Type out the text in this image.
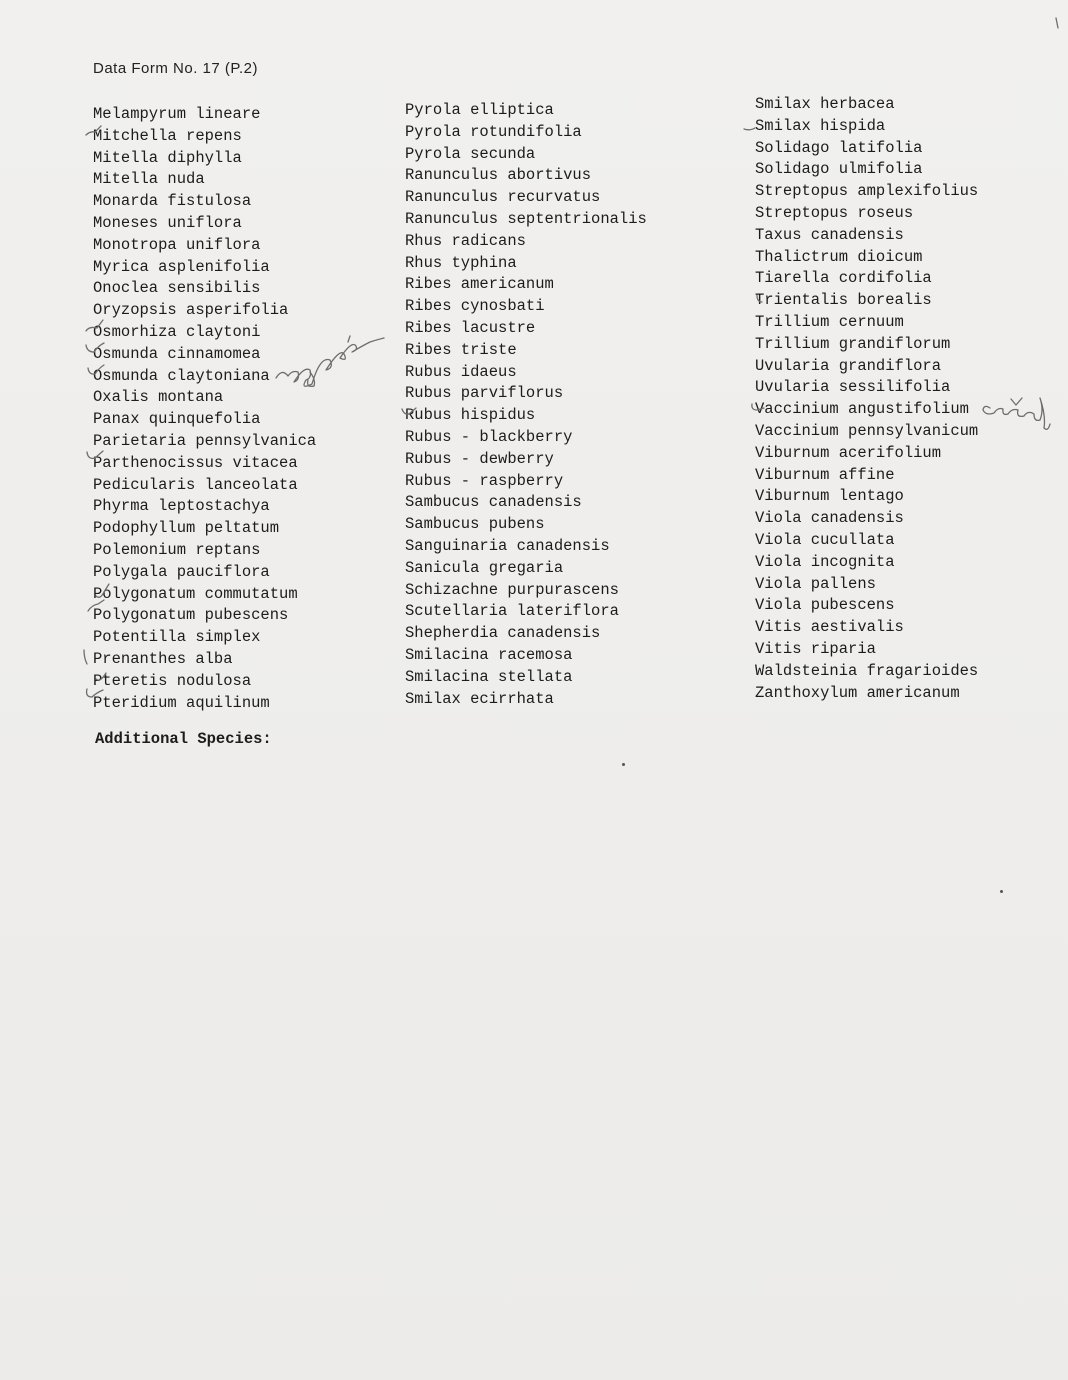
Data Form No. 17 (P.2)
Melampyrum lineare
Mitchella repens
Mitella diphylla
Mitella nuda
Monarda fistulosa
Moneses uniflora
Monotropa uniflora
Myrica asplenifolia
Onoclea sensibilis
Oryzopsis asperifolia
Osmorhiza claytoni
Osmunda cinnamomea
Osmunda claytoniana
Oxalis montana
Panax quinquefolia
Parietaria pennsylvanica
Parthenocissus vitacea
Pedicularis lanceolata
Phyrma leptostachya
Podophyllum peltatum
Polemonium reptans
Polygala pauciflora
Polygonatum commutatum
Polygonatum pubescens
Potentilla simplex
Prenanthes alba
Pteretis nodulosa
Pteridium aquilinum
Pyrola elliptica
Pyrola rotundifolia
Pyrola secunda
Ranunculus abortivus
Ranunculus recurvatus
Ranunculus septentrionalis
Rhus radicans
Rhus typhina
Ribes americanum
Ribes cynosbati
Ribes lacustre
Ribes triste
Rubus idaeus
Rubus parviflorus
Rubus hispidus
Rubus - blackberry
Rubus - dewberry
Rubus - raspberry
Sambucus canadensis
Sambucus pubens
Sanguinaria canadensis
Sanicula gregaria
Schizachne purpurascens
Scutellaria lateriflora
Shepherdia canadensis
Smilacina racemosa
Smilacina stellata
Smilax ecirrhata
Smilax herbacea
Smilax hispida
Solidago latifolia
Solidago ulmifolia
Streptopus amplexifolius
Streptopus roseus
Taxus canadensis
Thalictrum dioicum
Tiarella cordifolia
Trientalis borealis
Trillium cernuum
Trillium grandiflorum
Uvularia grandiflora
Uvularia sessilifolia
Vaccinium angustifolium
Vaccinium pennsylvanicum
Viburnum acerifolium
Viburnum affine
Viburnum lentago
Viola canadensis
Viola cucullata
Viola incognita
Viola pallens
Viola pubescens
Vitis aestivalis
Vitis riparia
Waldsteinia fragarioides
Zanthoxylum americanum
Additional Species:
